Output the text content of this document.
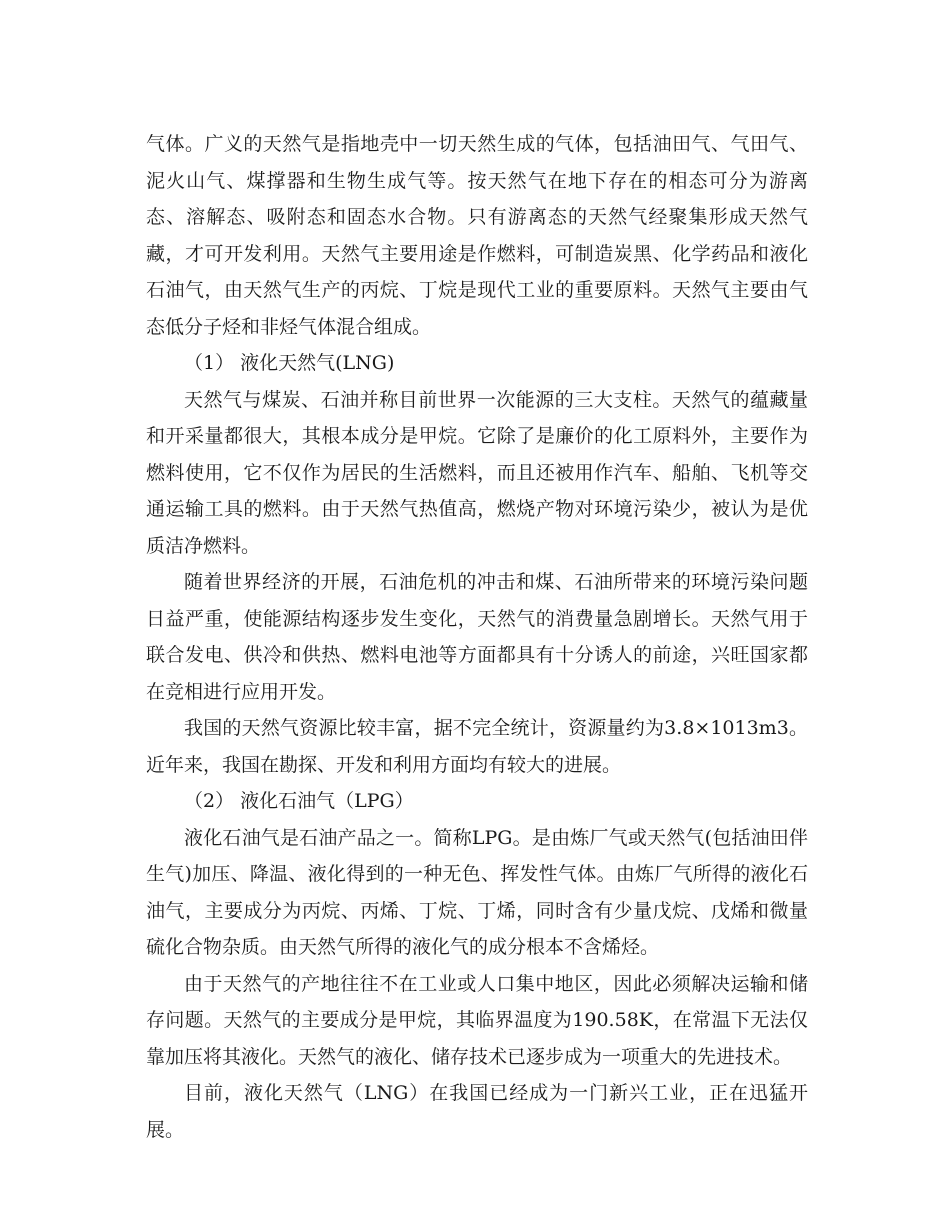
气体。广义的天然气是指地壳中一切天然生成的气体，包括油田气、气田气、泥火山气、煤撑器和生物生成气等。按天然气在地下存在的相态可分为游离态、溶解态、吸附态和固态水合物。只有游离态的天然气经聚集形成天然气藏，才可开发利用。天然气主要用途是作燃料，可制造炭黑、化学药品和液化石油气，由天然气生产的丙烷、丁烷是现代工业的重要原料。天然气主要由气态低分子烃和非烃气体混合组成。

（1） 液化天然气(LNG)

天然气与煤炭、石油并称目前世界一次能源的三大支柱。天然气的蕴藏量和开采量都很大，其根本成分是甲烷。它除了是廉价的化工原料外，主要作为燃料使用，它不仅作为居民的生活燃料，而且还被用作汽车、船舶、飞机等交通运输工具的燃料。由于天然气热值高，燃烧产物对环境污染少，被认为是优质洁净燃料。

随着世界经济的开展，石油危机的冲击和煤、石油所带来的环境污染问题日益严重，使能源结构逐步发生变化，天然气的消费量急剧增长。天然气用于联合发电、供冷和供热、燃料电池等方面都具有十分诱人的前途，兴旺国家都在竞相进行应用开发。

我国的天然气资源比较丰富，据不完全统计，资源量约为3.8×1013m3。近年来，我国在勘探、开发和利用方面均有较大的进展。

（2） 液化石油气（LPG）

液化石油气是石油产品之一。简称LPG。是由炼厂气或天然气(包括油田伴生气)加压、降温、液化得到的一种无色、挥发性气体。由炼厂气所得的液化石油气，主要成分为丙烷、丙烯、丁烷、丁烯，同时含有少量戊烷、戊烯和微量硫化合物杂质。由天然气所得的液化气的成分根本不含烯烃。

由于天然气的产地往往不在工业或人口集中地区，因此必须解决运输和储存问题。天然气的主要成分是甲烷，其临界温度为190.58K，在常温下无法仅靠加压将其液化。天然气的液化、储存技术已逐步成为一项重大的先进技术。

目前，液化天然气（LNG）在我国已经成为一门新兴工业，正在迅猛开展。
